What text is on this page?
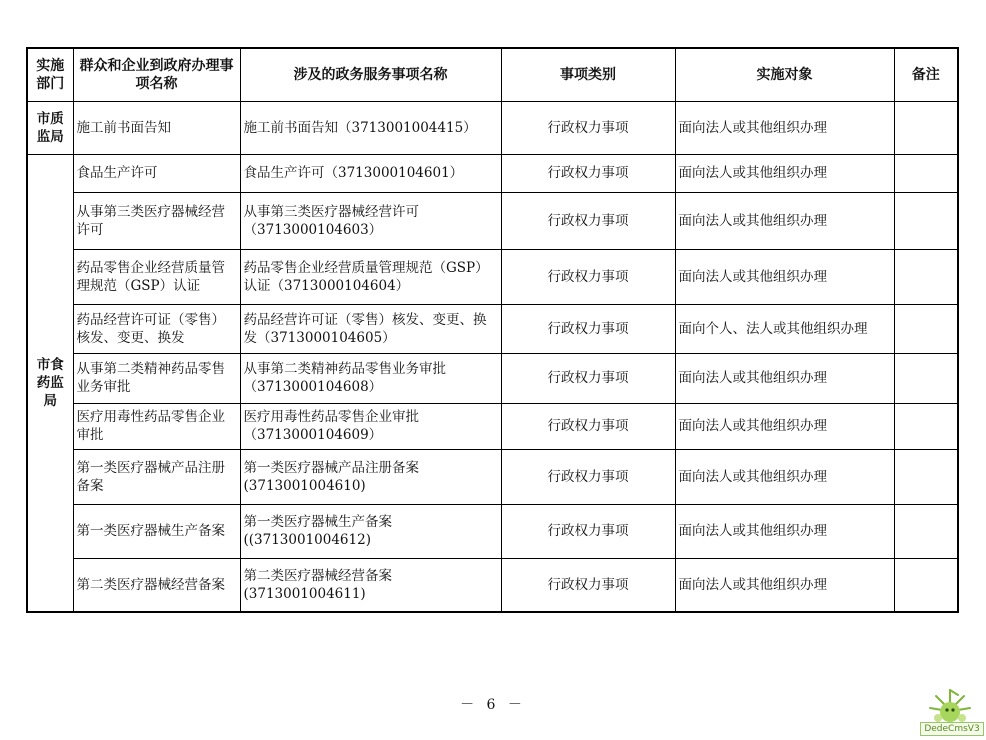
实施部门	群众和企业到政府办理事项名称	涉及的政务服务事项名称	事项类别	实施对象	备注
市质监局	施工前书面告知	施工前书面告知（3713001004415）	行政权力事项	面向法人或其他组织办理	
市食药监局	食品生产许可	食品生产许可（3713000104601）	行政权力事项	面向法人或其他组织办理	
	从事第三类医疗器械经营许可	从事第三类医疗器械经营许可（3713000104603）	行政权力事项	面向法人或其他组织办理	
	药品零售企业经营质量管理规范（GSP）认证	药品零售企业经营质量管理规范（GSP）认证（3713000104604）	行政权力事项	面向法人或其他组织办理	
	药品经营许可证（零售）核发、变更、换发	药品经营许可证（零售）核发、变更、换发（3713000104605）	行政权力事项	面向个人、法人或其他组织办理	
	从事第二类精神药品零售业务审批	从事第二类精神药品零售业务审批（3713000104608）	行政权力事项	面向法人或其他组织办理	
	医疗用毒性药品零售企业审批	医疗用毒性药品零售企业审批（3713000104609）	行政权力事项	面向法人或其他组织办理	
	第一类医疗器械产品注册备案	第一类医疗器械产品注册备案(3713001004610)	行政权力事项	面向法人或其他组织办理	
	第一类医疗器械生产备案	第一类医疗器械生产备案((3713001004612)	行政权力事项	面向法人或其他组织办理	
	第二类医疗器械经营备案	第二类医疗器械经营备案(3713001004611)	行政权力事项	面向法人或其他组织办理	
－ 6 －
DedeCmsV3
